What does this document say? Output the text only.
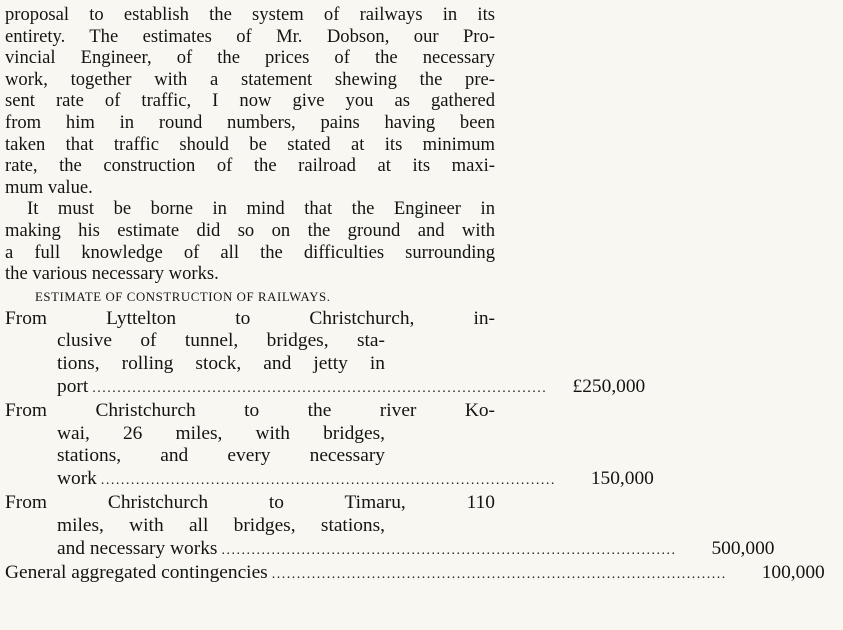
proposal to establish the system of railways in its
entirety. The estimates of Mr. Dobson, our Pro-
vincial Engineer, of the prices of the necessary
work, together with a statement shewing the pre-
sent rate of traffic, I now give you as gathered
from him in round numbers, pains having been
taken that traffic should be stated at its minimum
rate, the construction of the railroad at its maxi-
mum value.

It must be borne in mind that the Engineer in
making his estimate did so on the ground and with
a full knowledge of all the difficulties surrounding
the various necessary works.

ESTIMATE OF CONSTRUCTION OF RAILWAYS.
From Lyttelton to Christchurch, in-
clusive of tunnel, bridges, sta-
tions, rolling stock, and jetty in
port ...........................................................................................	£250,000
From Christchurch to the river Ko-
wai, 26 miles, with bridges,
stations, and every necessary
work ...........................................................................................	150,000
From Christchurch to Timaru, 110
miles, with all bridges, stations,
and necessary works ...........................................................................................	500,000
General aggregated contingencies ...........................................................................................	100,000
